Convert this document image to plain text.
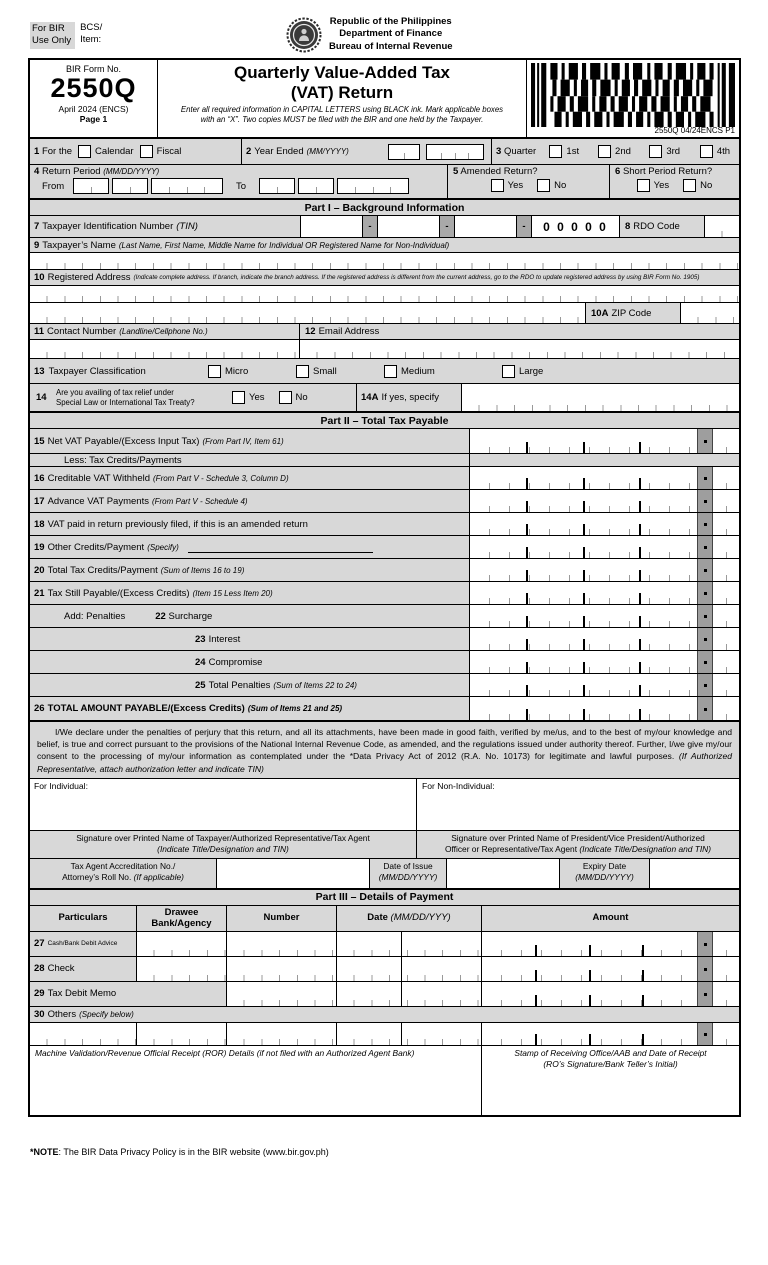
For BIR
Use Only
BCS/
Item:
Republic of the Philippines
Department of Finance
Bureau of Internal Revenue
BIR Form No.
2550Q
April 2024 (ENCS)
Page 1
Quarterly Value-Added Tax
(VAT) Return
Enter all required information in CAPITAL LETTERS using BLACK ink. Mark applicable boxes
with an “X”. Two copies MUST be filed with the BIR and one held by the Taxpayer.
2550Q 04/24ENCS P1
1 For the Calendar Fiscal	2 Year Ended (MM/YYYY)	3 Quarter	1st	2nd	3rd	4th
4 Return Period (MM/DD/YYYY)
From	To
5 Amended Return?
Yes	No
6 Short Period Return?
Yes	No
Part I – Background Information
7 Taxpayer Identification Number (TIN)	-	-	-	0 0 0 0 0	8 RDO Code
9 Taxpayer’s Name (Last Name, First Name, Middle Name for Individual OR Registered Name for Non-Individual)
10 Registered Address (Indicate complete address. If branch, indicate the branch address. If the registered address is different from the current address, go to the RDO to update registered address by using BIR Form No. 1905)
10A ZIP Code
11 Contact Number (Landline/Cellphone No.)	12 Email Address
13 Taxpayer Classification	Micro	Small	Medium	Large
14	Are you availing of tax relief under
Special Law or International Tax Treaty?	Yes	No	14A If yes, specify
Part II – Total Tax Payable
15 Net VAT Payable/(Excess Input Tax) (From Part IV, Item 61)
Less: Tax Credits/Payments
16 Creditable VAT Withheld (From Part V - Schedule 3, Column D)
17 Advance VAT Payments (From Part V - Schedule 4)
18 VAT paid in return previously filed, if this is an amended return
19 Other Credits/Payment (Specify)
20 Total Tax Credits/Payment (Sum of Items 16 to 19)
21 Tax Still Payable/(Excess Credits) (Item 15 Less Item 20)
Add: Penalties	22
Surcharge
23 Interest
24 Compromise
25 Total Penalties (Sum of Items 22 to 24)
26 TOTAL AMOUNT PAYABLE/(Excess Credits) (Sum of Items 21 and 25)

I/We declare under the penalties of perjury that this return, and all its attachments, have been made in good faith, verified by me/us, and to the best of my/our knowledge and belief, is true and correct pursuant to the provisions of the National Internal Revenue Code, as amended, and the regulations issued under authority thereof. Further, I/we give my/our consent to the processing of my/our information as contemplated under the *Data Privacy Act of 2012 (R.A. No. 10173) for legitimate and lawful purposes. (If Authorized Representative, attach authorization letter and indicate TIN)

For Individual:	For Non-Individual:
Signature over Printed Name of Taxpayer/Authorized Representative/Tax Agent
(Indicate Title/Designation and TIN)
Signature over Printed Name of President/Vice President/Authorized
Officer or Representative/Tax Agent (Indicate Title/Designation and TIN)
Tax Agent Accreditation No./
Attorney’s Roll No. (If applicable)
Date of Issue
(MM/DD/YYYY)
Expiry Date
(MM/DD/YYYY)
Part III – Details of Payment
Particulars
Drawee
Bank/Agency
Number	Date (MM/DD/YYY)	Amount
27 Cash/Bank Debit Advice
28 Check
29 Tax Debit Memo
30 Others (Specify below)
Machine Validation/Revenue Official Receipt (ROR) Details (if not filed with an Authorized Agent Bank)	Stamp of Receiving Office/AAB and Date of Receipt
(RO’s Signature/Bank Teller’s Initial)
*NOTE: The BIR Data Privacy Policy is in the BIR website (www.bir.gov.ph)
